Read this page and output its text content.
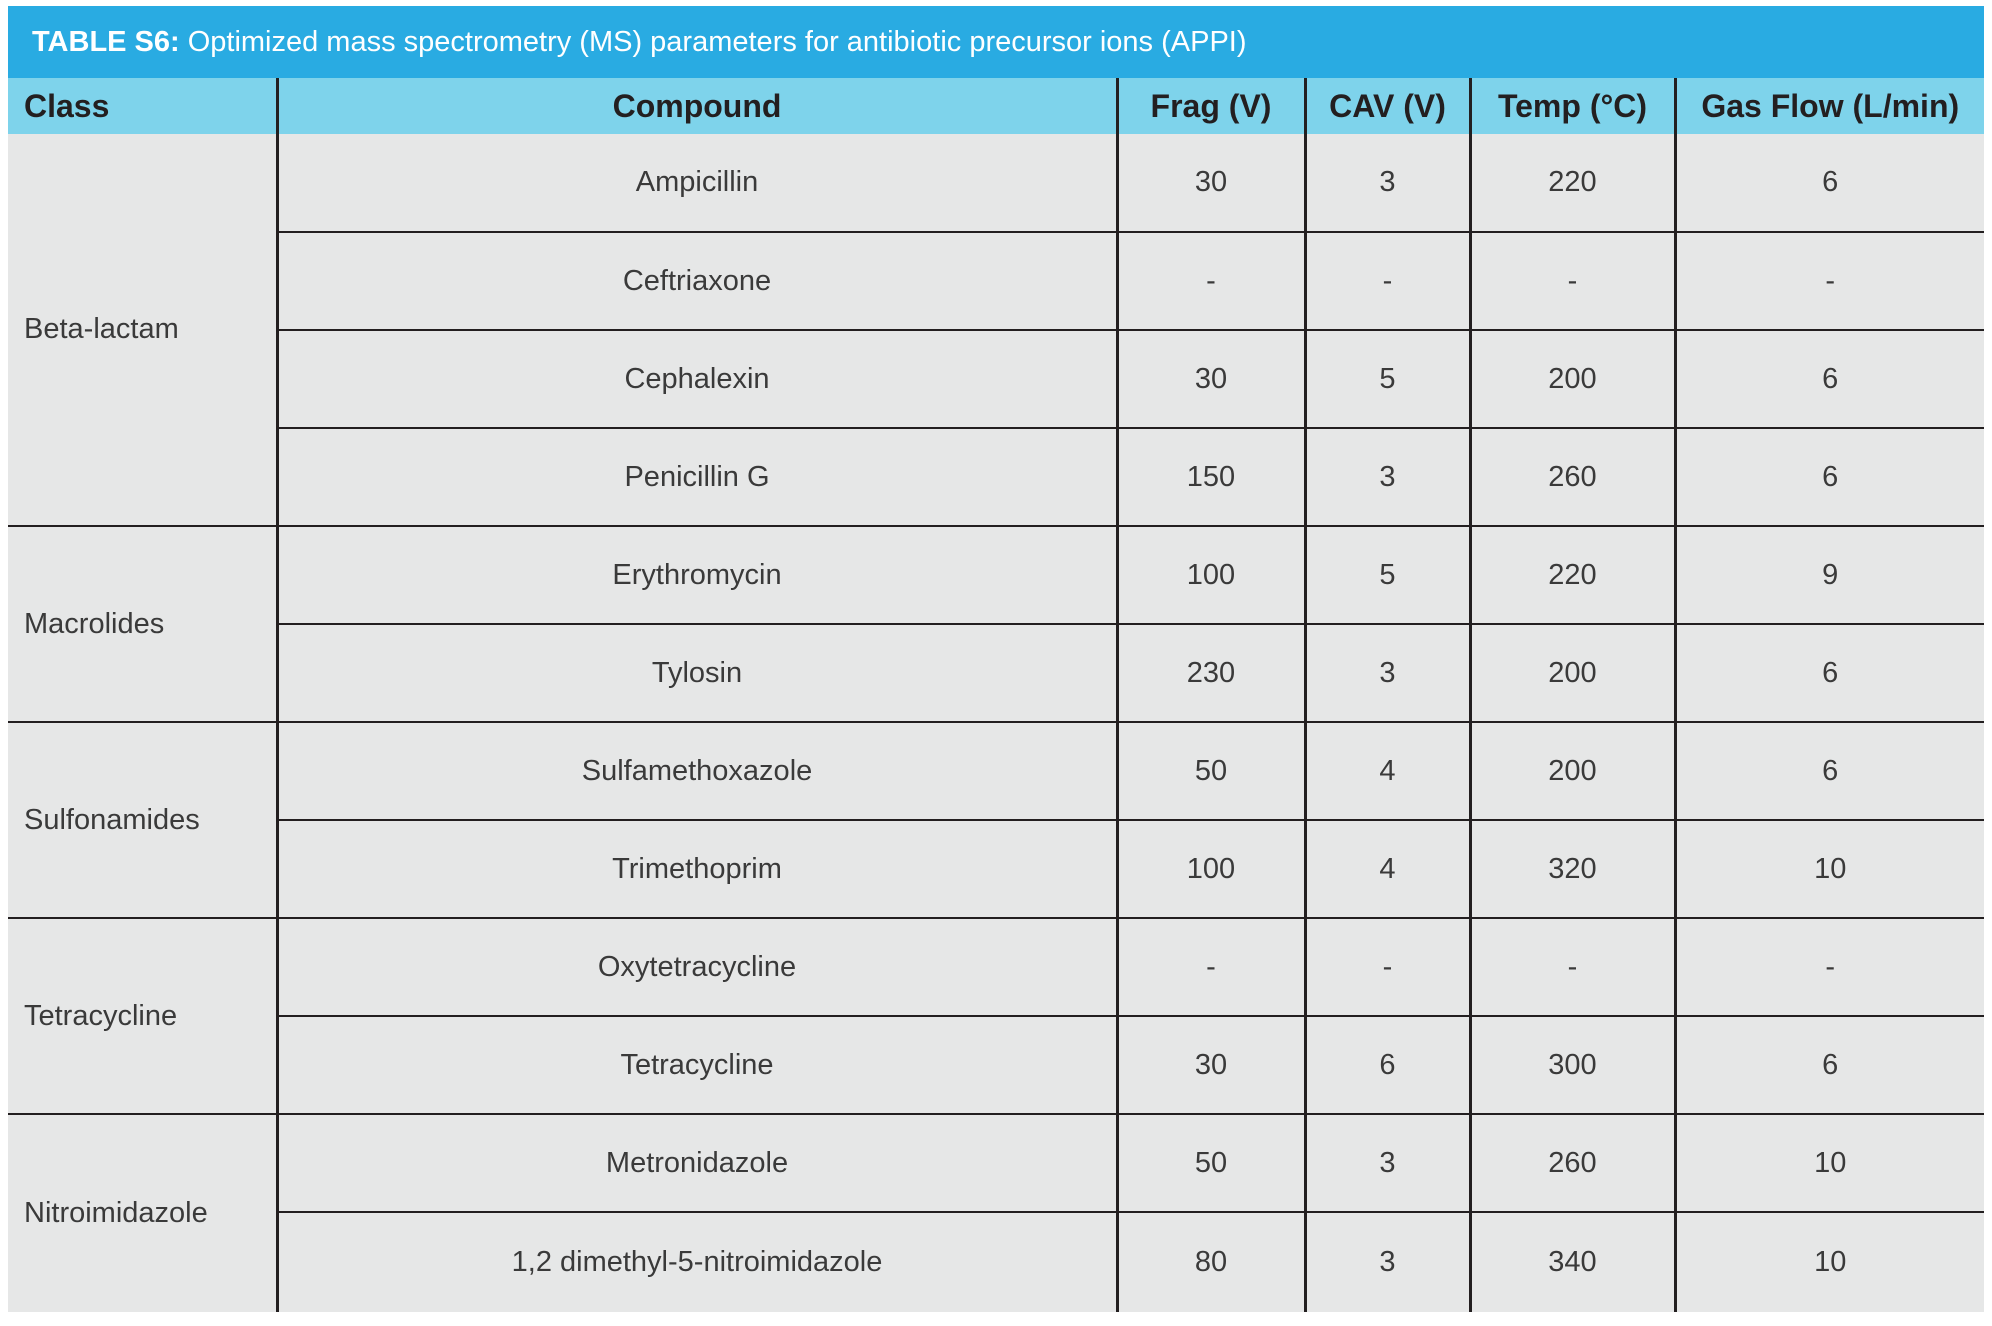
TABLE S6: Optimized mass spectrometry (MS) parameters for antibiotic precursor ions (APPI)
Class	Compound	Frag (V)	CAV (V)	Temp (°C)	Gas Flow (L/min)
Beta-lactam	Ampicillin	30	3	220	6
	Ceftriaxone	-	-	-	-
	Cephalexin	30	5	200	6
	Penicillin G	150	3	260	6
Macrolides	Erythromycin	100	5	220	9
	Tylosin	230	3	200	6
Sulfonamides	Sulfamethoxazole	50	4	200	6
	Trimethoprim	100	4	320	10
Tetracycline	Oxytetracycline	-	-	-	-
	Tetracycline	30	6	300	6
Nitroimidazole	Metronidazole	50	3	260	10
	1,2 dimethyl-5-nitroimidazole	80	3	340	10
